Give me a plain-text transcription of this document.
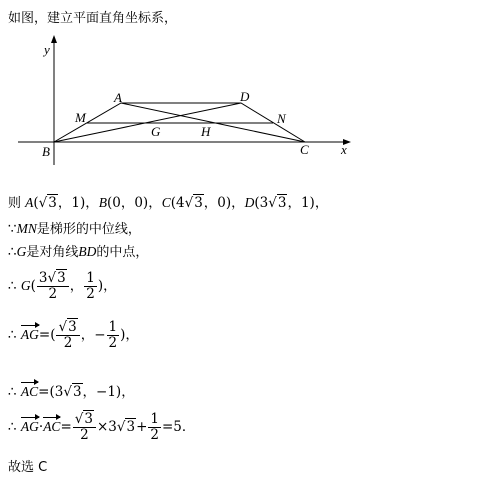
如图，建立平面直角坐标系，
y
A	D
M	N
G	H
B	C x
则 A(√3，1)，B(0，0)，C(4√3，0)，D(3√3，1)，
∵MN是梯形的中位线，
∴G是对角线BD的中点，
∴ $G( \frac{3√3}{2}$ ， $\frac{1}{2}$ )，
∴ $AG=( \frac{√3}{2}$ ，− $\frac{1}{2}$ )，
∴ AC=(3√3，−1)，
∴ $AG\cdot AC= \frac{√3}{2} \times 3√3+ \frac{1}{2} =5$．
故选 C
